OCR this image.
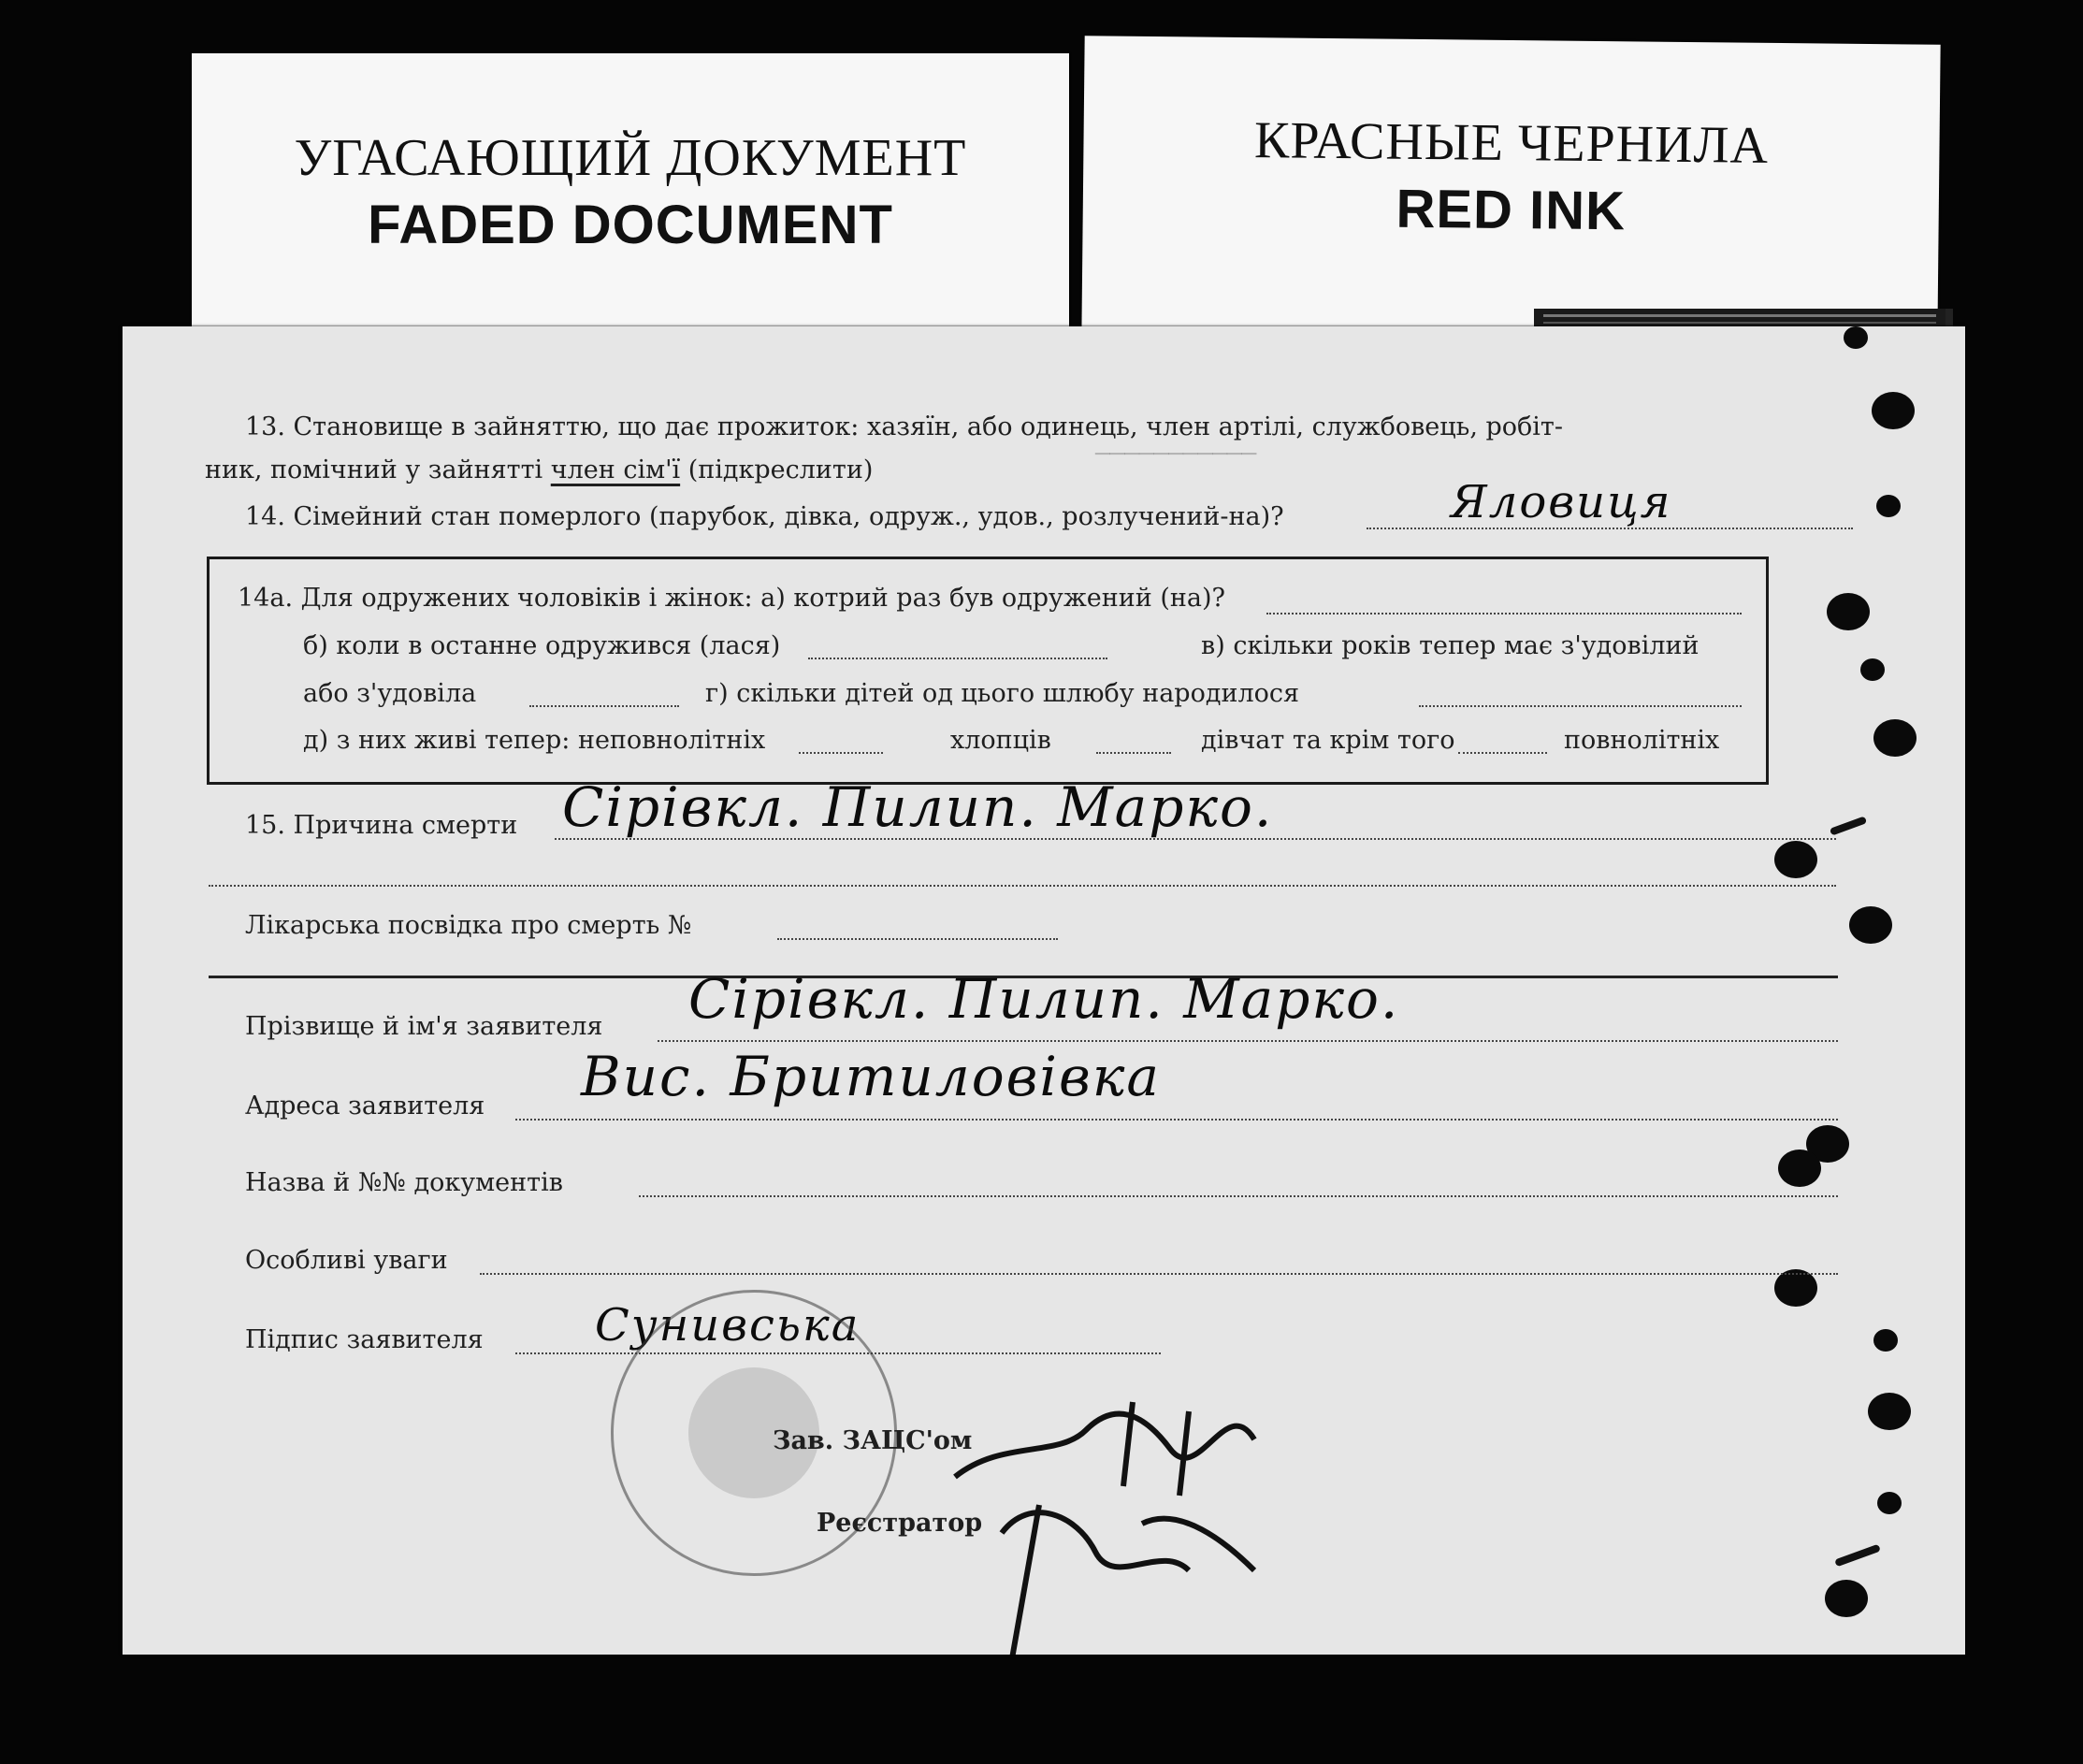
УГАСАЮЩИЙ ДОКУМЕНТ
FADED DOCUMENT
КРАСНЫЕ ЧЕРНИЛА
RED INK
───────────
13. Становище в зайняттю, що дає прожиток: хазяїн, або одинець, член артілі, службовець, робіт-
ник, помічний у зайнятті член сім'ї (підкреслити)
14. Сімейний стан померлого (парубок, дівка, одруж., удов., розлучений-на)?	Яловиця
14а. Для одружених чоловіків і жінок: а) котрий раз був одружений (на)?
б) коли в останне одружився (лася)	в) скільки років тепер має з'удовілий
або з'удовіла	г) скільки дітей од цього шлюбу народилося
д) з них живі тепер: неповнолітніх	хлопців	дівчат та крім того	повнолітніх
15. Причина смерти Сірівкл. Пилип. Марко.
Лікарська посвідка про смерть №
Прізвище й ім'я заявителя Сірівкл. Пилип. Марко.
Адреса заявителя Вис. Бритиловівка
Назва й №№ документів
Особливі уваги
Підпис заявителя Сунивська
Зав. ЗАЦС'ом
Реєстратор
